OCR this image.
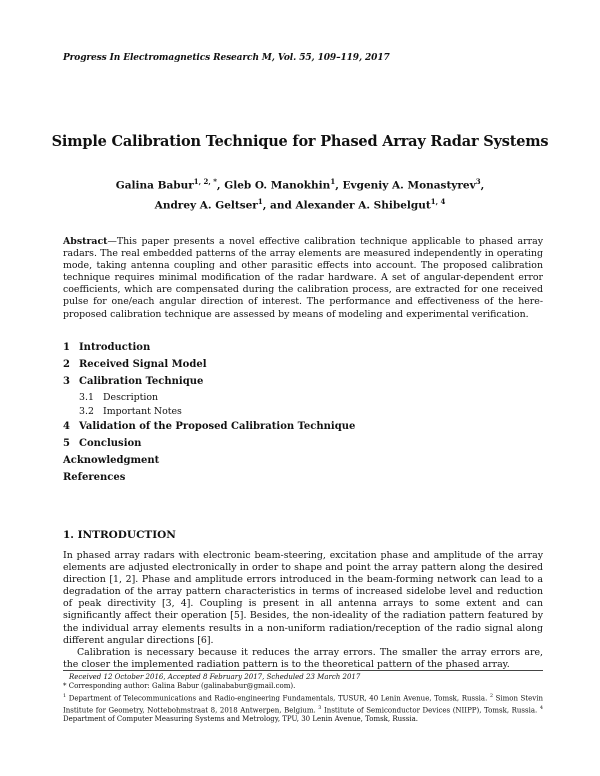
Progress In Electromagnetics Research M, Vol. 55, 109–119, 2017
Simple Calibration Technique for Phased Array Radar Systems
Galina Babur$^{1, 2, *}$, Gleb O. Manokhin$^1$, Evgeniy A. Monastyrev$^3$,
Andrey A. Geltser$^1$, and Alexander A. Shibelgut$^{1, 4}$
Abstract—This paper presents a novel effective calibration technique applicable to phased array radars. The real embedded patterns of the array elements are measured independently in operating mode, taking antenna coupling and other parasitic effects into account. The proposed calibration technique requires minimal modification of the radar hardware. A set of angular-dependent error coefficients, which are compensated during the calibration process, are extracted for one received pulse for one/each angular direction of interest. The performance and effectiveness of the here-proposed calibration technique are assessed by means of modeling and experimental verification.
1 Introduction
2 Received Signal Model
3 Calibration Technique
3.1 Description
3.2 Important Notes
4 Validation of the Proposed Calibration Technique
5 Conclusion
Acknowledgment
References
1. INTRODUCTION

In phased array radars with electronic beam-steering, excitation phase and amplitude of the array elements are adjusted electronically in order to shape and point the array pattern along the desired direction [1, 2]. Phase and amplitude errors introduced in the beam-forming network can lead to a degradation of the array pattern characteristics in terms of increased sidelobe level and reduction of peak directivity [3, 4]. Coupling is present in all antenna arrays to some extent and can significantly affect their operation [5]. Besides, the non-ideality of the radiation pattern featured by the individual array elements results in a non-uniform radiation/reception of the radio signal along different angular directions [6].

Calibration is necessary because it reduces the array errors. The smaller the array errors are, the closer the implemented radiation pattern is to the theoretical pattern of the phased array.

Received 12 October 2016, Accepted 8 February 2017, Scheduled 23 March 2017

* Corresponding author: Galina Babur (galinababur@gmail.com).

$^1$ Department of Telecommunications and Radio-engineering Fundamentals, TUSUR, 40 Lenin Avenue, Tomsk, Russia. $^2$ Simon Stevin Institute for Geometry, Nottebohmstraat 8, 2018 Antwerpen, Belgium. $^3$ Institute of Semiconductor Devices (NIIPP), Tomsk, Russia. $^4$ Department of Computer Measuring Systems and Metrology, TPU, 30 Lenin Avenue, Tomsk, Russia.
